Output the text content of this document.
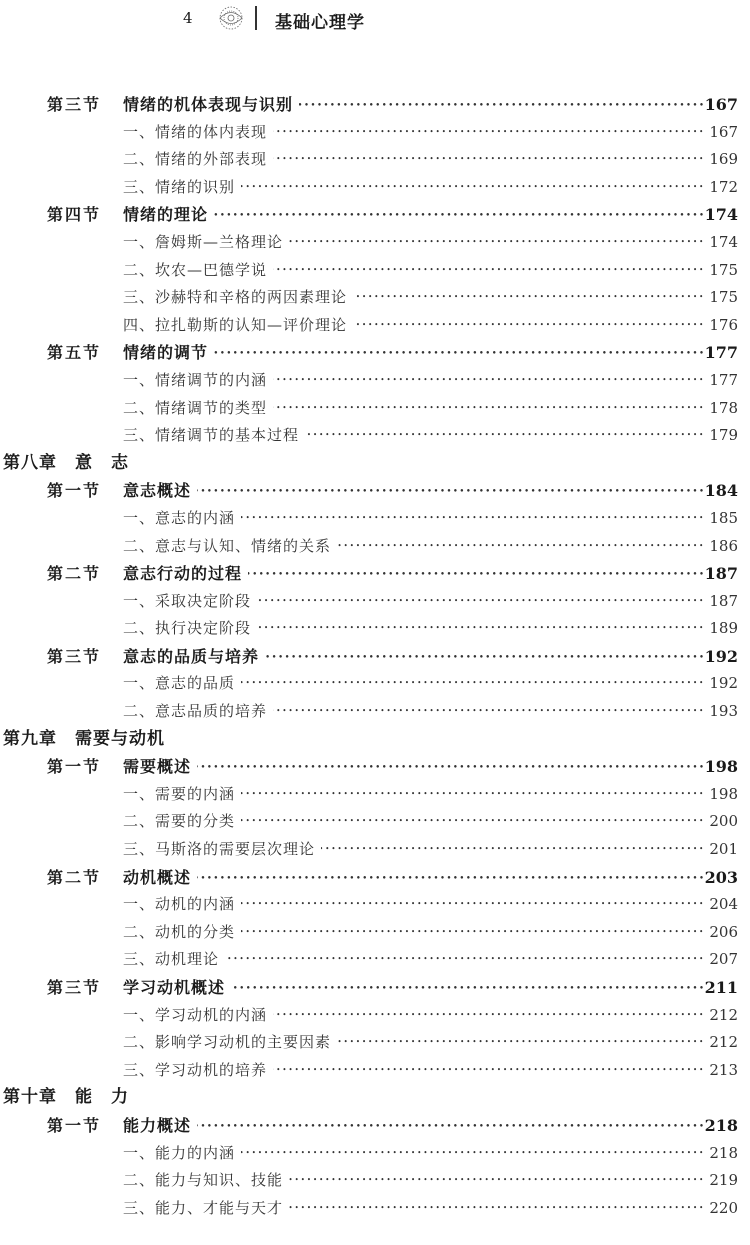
4	基础心理学
第三节 情绪的机体表现与识别 •••••	167
一、情绪的体内表现 •••••	167
二、情绪的外部表现 •••••	169
三、情绪的识别 •••••	172
第四节 情绪的理论 •••••	174
一、詹姆斯—兰格理论 •••••	174
二、坎农—巴德学说 •••••	175
三、沙赫特和辛格的两因素理论 •••••	175
四、拉扎勒斯的认知—评价理论 •••••	176
第五节 情绪的调节 •••••	177
一、情绪调节的内涵 •••••	177
二、情绪调节的类型 •••••	178
三、情绪调节的基本过程 •••••	179
第八章　意　志
第一节 意志概述 •••••	184
一、意志的内涵 •••••	185
二、意志与认知、情绪的关系 •••••	186
第二节 意志行动的过程 •••••	187
一、采取决定阶段 •••••	187
二、执行决定阶段 •••••	189
第三节 意志的品质与培养 •••••	192
一、意志的品质 •••••	192
二、意志品质的培养 •••••	193
第九章　需要与动机
第一节 需要概述 •••••	198
一、需要的内涵 •••••	198
二、需要的分类 •••••	200
三、马斯洛的需要层次理论 •••••	201
第二节 动机概述 •••••	203
一、动机的内涵 •••••	204
二、动机的分类 •••••	206
三、动机理论 •••••	207
第三节 学习动机概述 •••••	211
一、学习动机的内涵 •••••	212
二、影响学习动机的主要因素 •••••	212
三、学习动机的培养 •••••	213
第十章　能　力
第一节 能力概述 •••••	218
一、能力的内涵 •••••	218
二、能力与知识、技能 •••••	219
三、能力、才能与天才 •••••	220
